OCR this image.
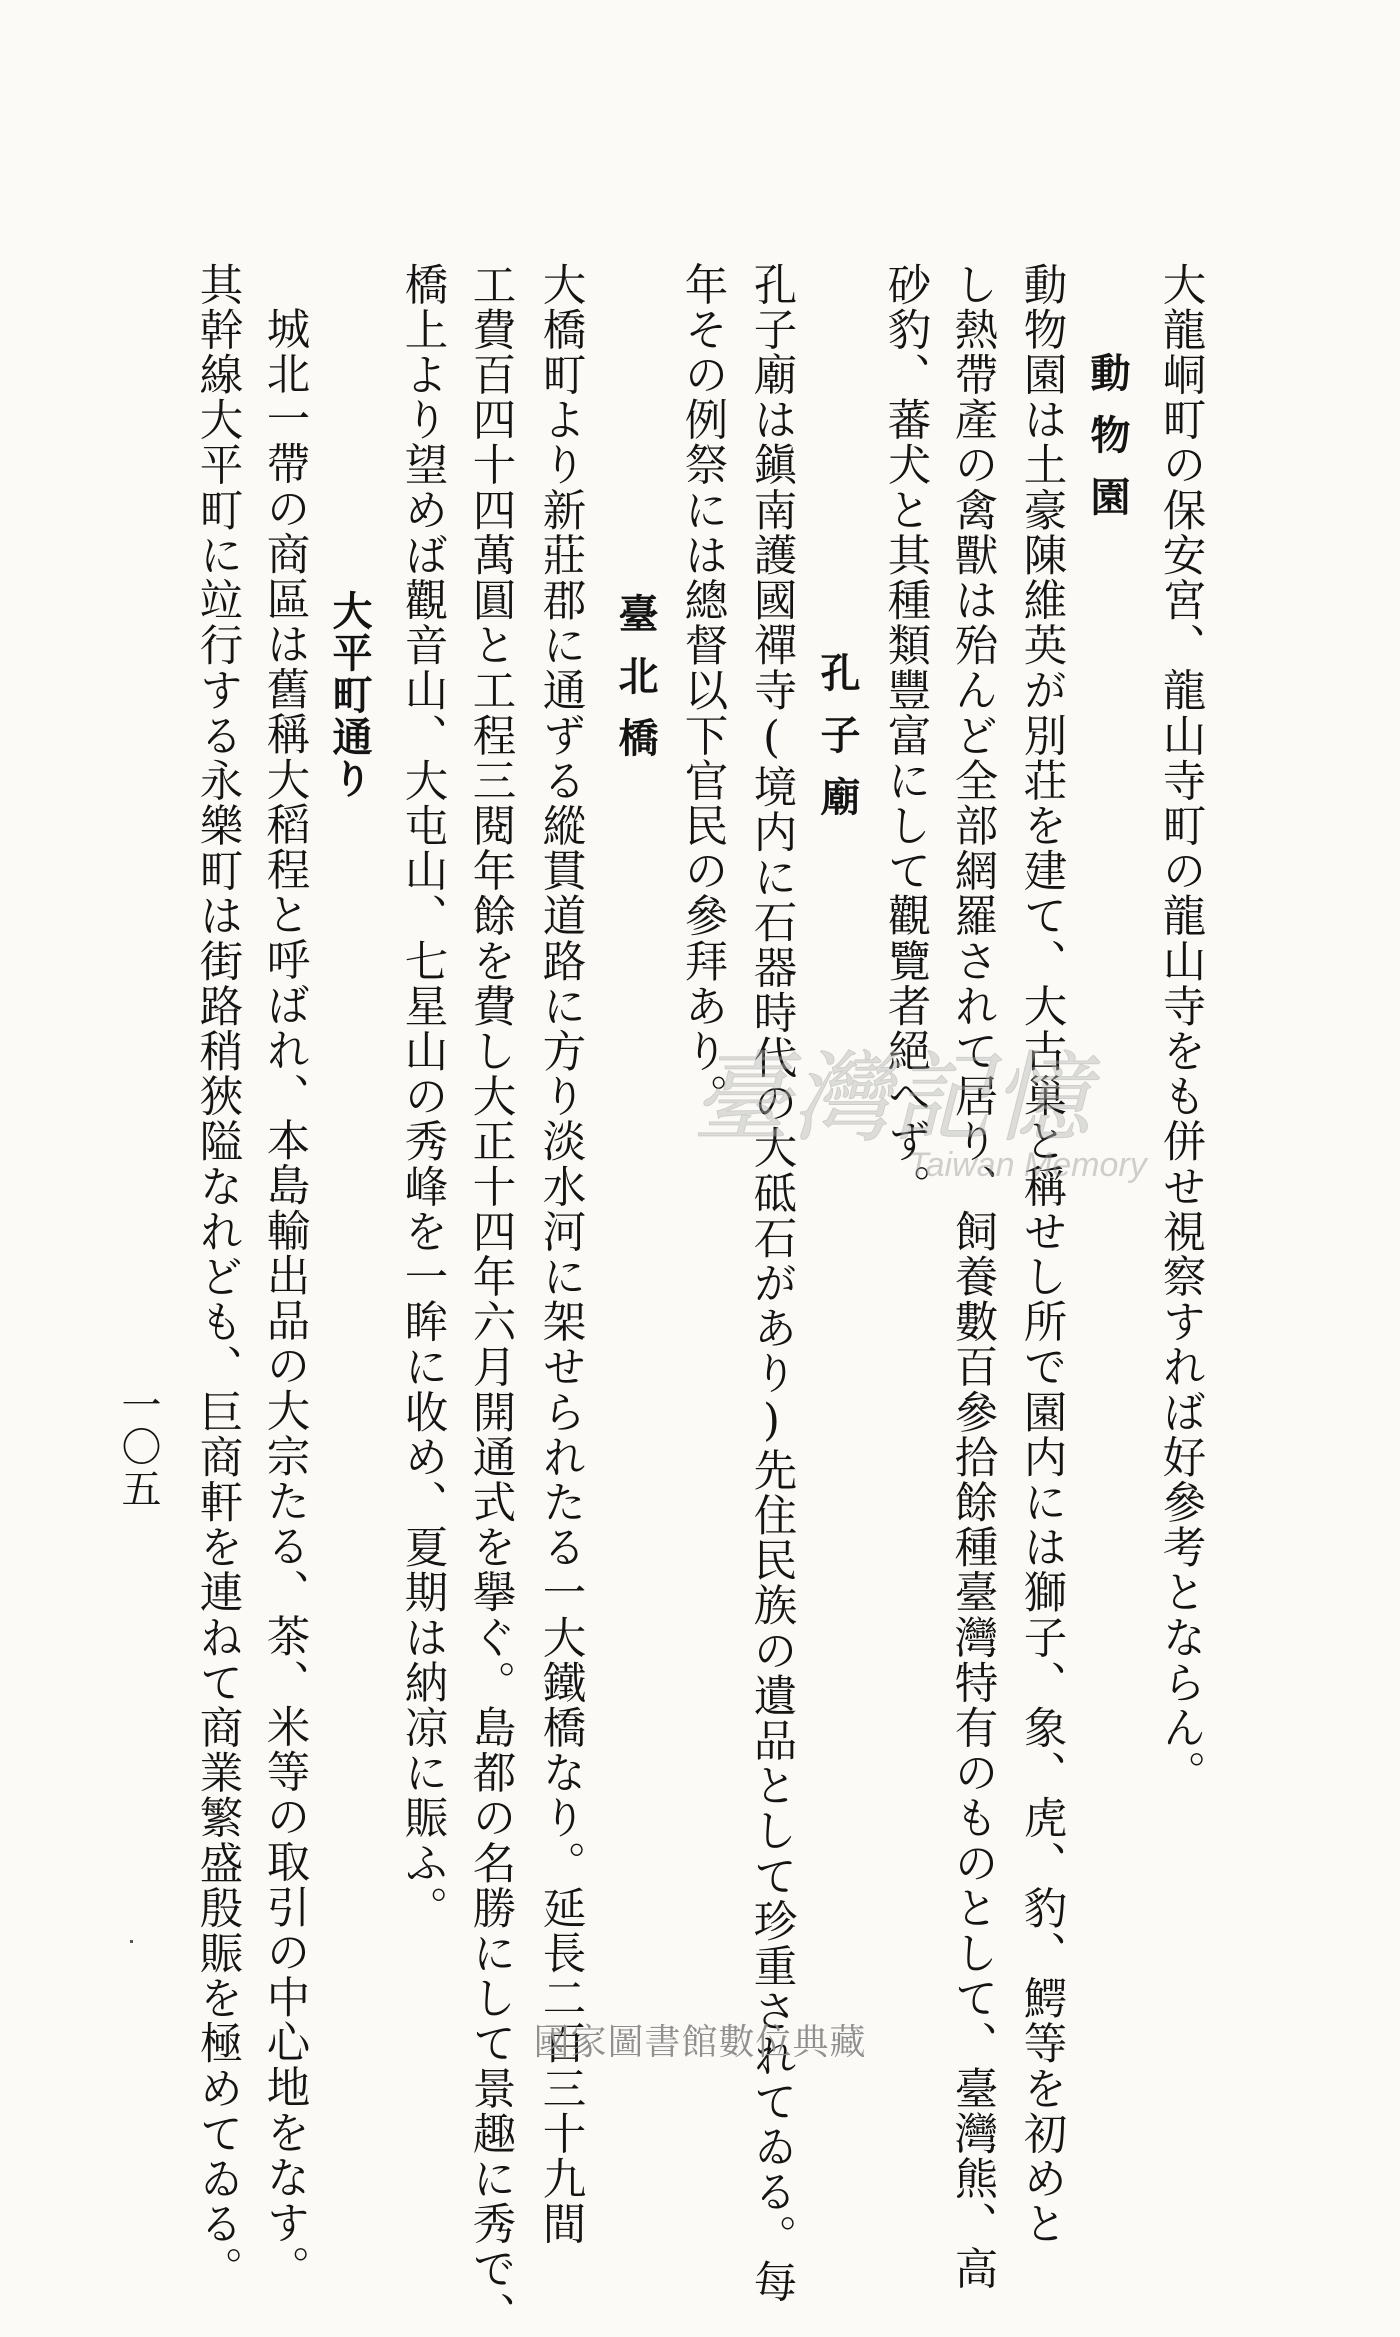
大龍峒町の保安宮、龍山寺町の龍山寺をも併せ視察すれば好參考とならん。
動物園
動物園は土豪陳維英が別荘を建て、大古巢と稱せし所で園内には獅子、象、虎、豹、鰐等を初めと
し熱帶產の禽獸は殆んど全部網羅されて居り、飼養數百參拾餘種臺灣特有のものとして、臺灣熊、高
砂豹、蕃犬と其種類豐富にして觀覽者絕へず。
孔子廟
孔子廟は鎭南護國禪寺(境内に石器時代の大砥石があり)先住民族の遺品として珍重されてゐる。每
年その例祭には總督以下官民の參拜あり。
臺北橋
大橋町より新莊郡に通ずる縱貫道路に方り淡水河に架せられたる一大鐵橋なり。延長二百三十九間
工費百四十四萬圓と工程三閱年餘を費し大正十四年六月開通式を擧ぐ。島都の名勝にして景趣に秀で、
橋上より望めば觀音山、大屯山、七星山の秀峰を一眸に收め、夏期は納凉に賑ふ。
大平町通り
城北一帶の商區は舊稱大稻程と呼ばれ、本島輸出品の大宗たる、茶、米等の取引の中心地をなす。
其幹線大平町に竝行する永樂町は街路稍狹隘なれども、巨商軒を連ねて商業繁盛殷賑を極めてゐる。
一〇五
臺灣記憶
Taiwan Memory
國家圖書館數位典藏
